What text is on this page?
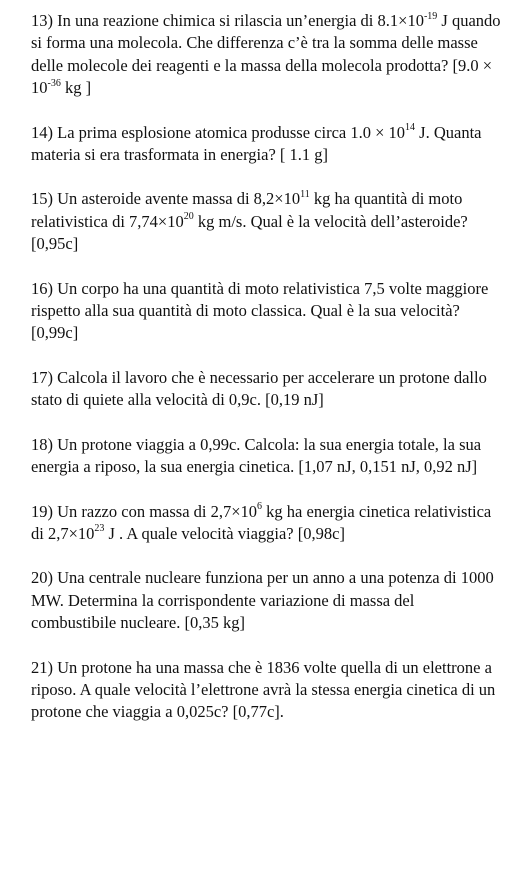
13) In una reazione chimica si rilascia un’energia di $8.1\times 10^{-19}$ J quando si forma una molecola. Che differenza c’è tra la somma delle masse delle molecole dei reagenti e la massa della molecola prodotta? [$9.0 \times 10^{-36}$ kg ]

14) La prima esplosione atomica produsse circa $1.0 \times 10^{14}$ J. Quanta materia si era trasformata in energia? [ 1.1 g]

15) Un asteroide avente massa di $8,2\times 10^{11}$ kg ha quantità di moto relativistica di $7,74\times 10^{20}$ kg m/s. Qual è la velocità dell’asteroide? [0,95c]

16) Un corpo ha una quantità di moto relativistica 7,5 volte maggiore rispetto alla sua quantità di moto classica. Qual è la sua velocità? [0,99c]

17) Calcola il lavoro che è necessario per accelerare un protone dallo stato di quiete alla velocità di 0,9c. [0,19 nJ]

18) Un protone viaggia a 0,99c. Calcola: la sua energia totale, la sua energia a riposo, la sua energia cinetica. [1,07 nJ, 0,151 nJ, 0,92 nJ]

19) Un razzo con massa di $2,7\times 10^6$ kg ha energia cinetica relativistica di $2,7\times 10^{23}$ J . A quale velocità viaggia? [0,98c]

20) Una centrale nucleare funziona per un anno a una potenza di 1000 MW. Determina la corrispondente variazione di massa del combustibile nucleare. [0,35 kg]

21) Un protone ha una massa che è 1836 volte quella di un elettrone a riposo. A quale velocità l’elettrone avrà la stessa energia cinetica di un protone che viaggia a 0,025c? [0,77c].
